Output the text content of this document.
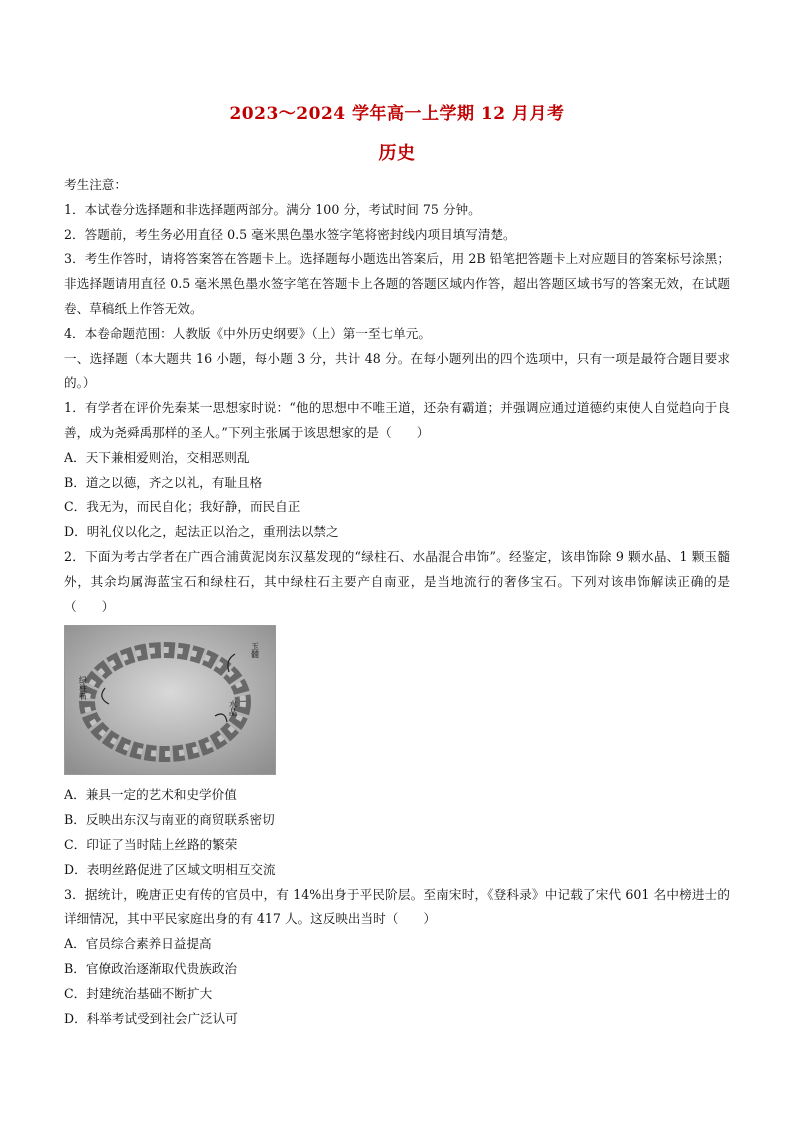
2023～2024 学年高一上学期 12 月月考
历史

考生注意：

1．本试卷分选择题和非选择题两部分。满分 100 分，考试时间 75 分钟。

2．答题前，考生务必用直径 0.5 毫米黑色墨水签字笔将密封线内项目填写清楚。

3．考生作答时，请将答案答在答题卡上。选择题每小题选出答案后，用 2B 铅笔把答题卡上对应题目的答案标号涂黑；非选择题请用直径 0.5 毫米黑色墨水签字笔在答题卡上各题的答题区域内作答，超出答题区域书写的答案无效，在试题卷、草稿纸上作答无效。

4．本卷命题范围：人教版《中外历史纲要》（上）第一至七单元。

一、选择题（本大题共 16 小题，每小题 3 分，共计 48 分。在每小题列出的四个选项中，只有一项是最符合题目要求的。）

1．有学者在评价先秦某一思想家时说：“他的思想中不唯王道，还杂有霸道；并强调应通过道德约束使人自觉趋向于良善，成为尧舜禹那样的圣人。”下列主张属于该思想家的是（　　）

A．天下兼相爱则治，交相恶则乱

B．道之以德，齐之以礼，有耻且格

C．我无为，而民自化；我好静，而民自正

D．明礼仪以化之，起法正以治之，重刑法以禁之

2．下面为考古学者在广西合浦黄泥岗东汉墓发现的“绿柱石、水晶混合串饰”。经鉴定，该串饰除 9 颗水晶、1 颗玉髓外，其余均属海蓝宝石和绿柱石，其中绿柱石主要产自南亚，是当地流行的奢侈宝石。下列对该串饰解读正确的是（　　）

绿柱石
玉髓
水晶

A．兼具一定的艺术和史学价值

B．反映出东汉与南亚的商贸联系密切

C．印证了当时陆上丝路的繁荣

D．表明丝路促进了区域文明相互交流

3．据统计，晚唐正史有传的官员中，有 14%出身于平民阶层。至南宋时，《登科录》中记载了宋代 601 名中榜进士的详细情况，其中平民家庭出身的有 417 人。这反映出当时（　　）

A．官员综合素养日益提高

B．官僚政治逐渐取代贵族政治

C．封建统治基础不断扩大

D．科举考试受到社会广泛认可
